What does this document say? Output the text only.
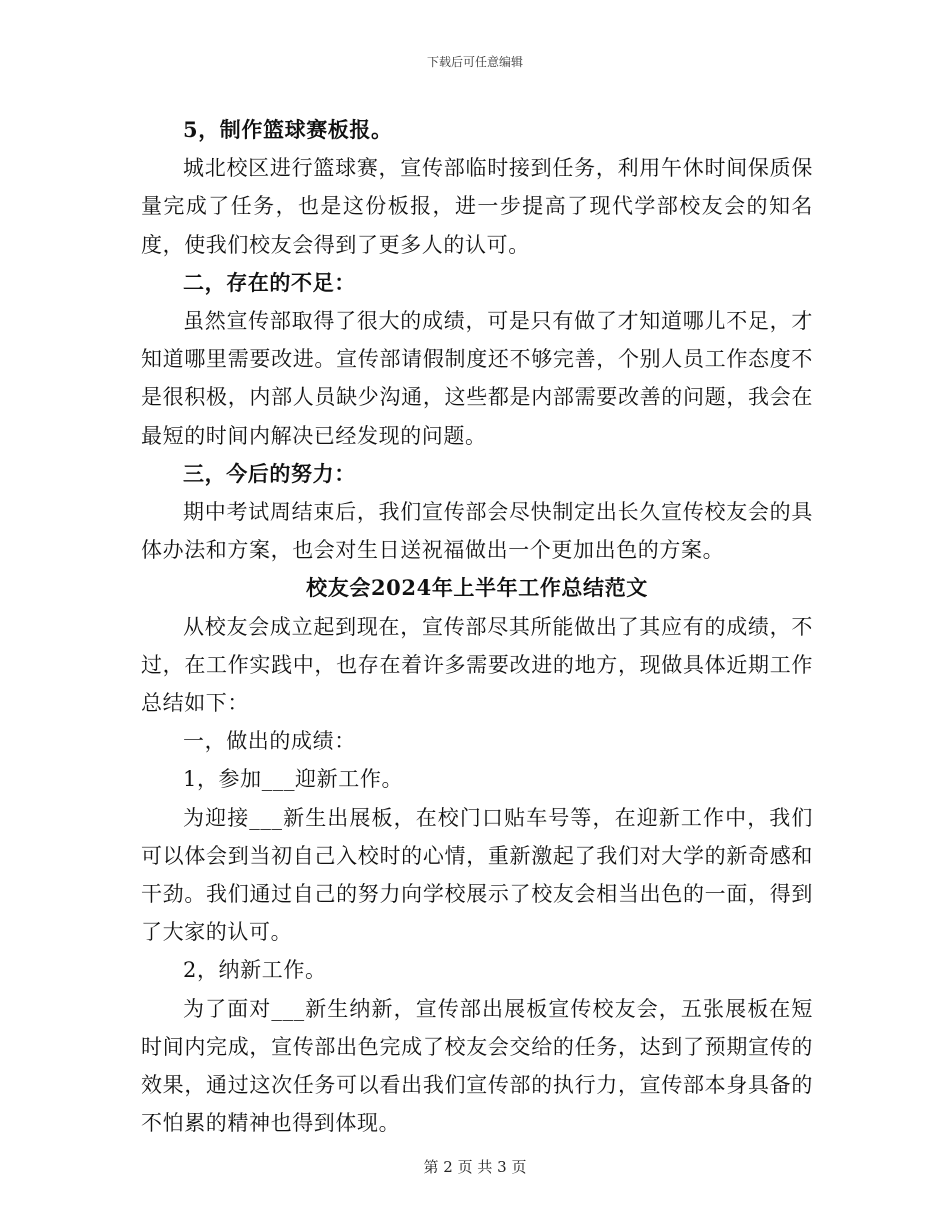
下载后可任意编辑

5，制作篮球赛板报。

城北校区进行篮球赛，宣传部临时接到任务，利用午休时间保质保量完成了任务，也是这份板报，进一步提高了现代学部校友会的知名度，使我们校友会得到了更多人的认可。

二，存在的不足：

虽然宣传部取得了很大的成绩，可是只有做了才知道哪儿不足，才知道哪里需要改进。宣传部请假制度还不够完善，个别人员工作态度不是很积极，内部人员缺少沟通，这些都是内部需要改善的问题，我会在最短的时间内解决已经发现的问题。

三，今后的努力：

期中考试周结束后，我们宣传部会尽快制定出长久宣传校友会的具体办法和方案，也会对生日送祝福做出一个更加出色的方案。

校友会2024年上半年工作总结范文

从校友会成立起到现在，宣传部尽其所能做出了其应有的成绩，不过，在工作实践中，也存在着许多需要改进的地方，现做具体近期工作总结如下：

一，做出的成绩：

1，参加___迎新工作。

为迎接___新生出展板，在校门口贴车号等，在迎新工作中，我们可以体会到当初自己入校时的心情，重新激起了我们对大学的新奇感和干劲。我们通过自己的努力向学校展示了校友会相当出色的一面，得到了大家的认可。

2，纳新工作。

为了面对___新生纳新，宣传部出展板宣传校友会，五张展板在短时间内完成，宣传部出色完成了校友会交给的任务，达到了预期宣传的效果，通过这次任务可以看出我们宣传部的执行力，宣传部本身具备的不怕累的精神也得到体现。

第 2 页 共 3 页
